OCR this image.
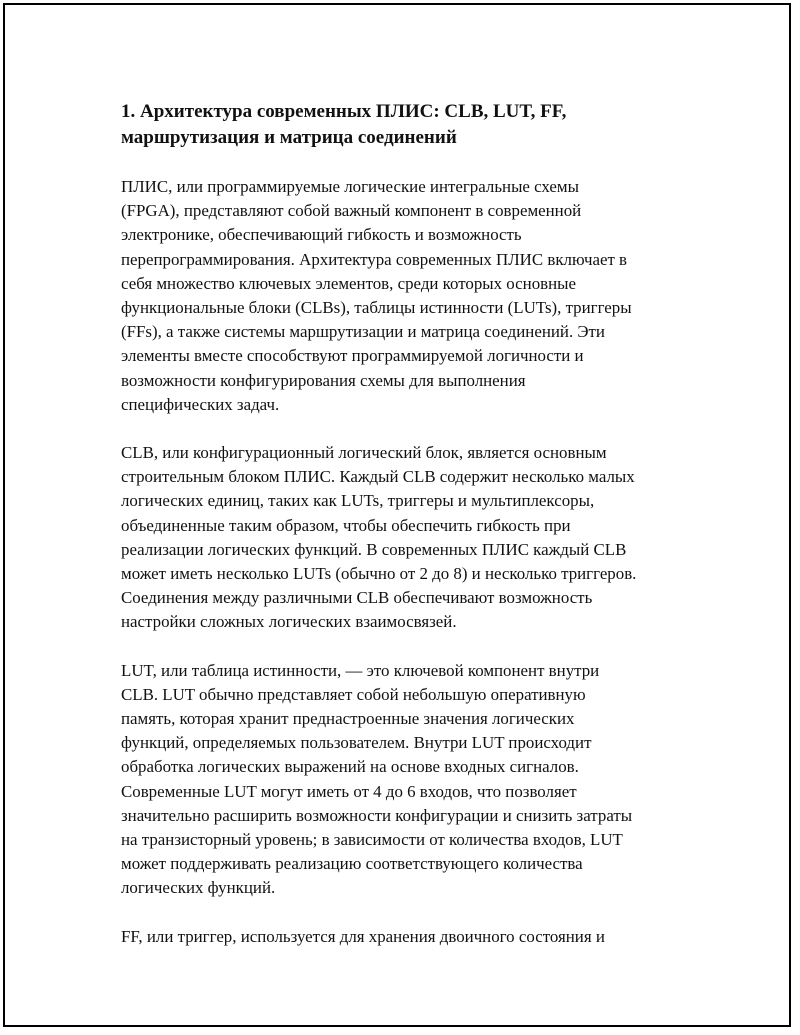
1. Архитектура современных ПЛИС: CLB, LUT, FF,
маршрутизация и матрица соединений

ПЛИС, или программируемые логические интегральные схемы
(FPGA), представляют собой важный компонент в современной
электронике, обеспечивающий гибкость и возможность
перепрограммирования. Архитектура современных ПЛИС включает в
себя множество ключевых элементов, среди которых основные
функциональные блоки (CLBs), таблицы истинности (LUTs), триггеры
(FFs), а также системы маршрутизации и матрица соединений. Эти
элементы вместе способствуют программируемой логичности и
возможности конфигурирования схемы для выполнения
специфических задач.

CLB, или конфигурационный логический блок, является основным
строительным блоком ПЛИС. Каждый CLB содержит несколько малых
логических единиц, таких как LUTs, триггеры и мультиплексоры,
объединенные таким образом, чтобы обеспечить гибкость при
реализации логических функций. В современных ПЛИС каждый CLB
может иметь несколько LUTs (обычно от 2 до 8) и несколько триггеров.
Соединения между различными CLB обеспечивают возможность
настройки сложных логических взаимосвязей.

LUT, или таблица истинности, — это ключевой компонент внутри
CLB. LUT обычно представляет собой небольшую оперативную
память, которая хранит преднастроенные значения логических
функций, определяемых пользователем. Внутри LUT происходит
обработка логических выражений на основе входных сигналов.
Современные LUT могут иметь от 4 до 6 входов, что позволяет
значительно расширить возможности конфигурации и снизить затраты
на транзисторный уровень; в зависимости от количества входов, LUT
может поддерживать реализацию соответствующего количества
логических функций.

FF, или триггер, используется для хранения двоичного состояния и
